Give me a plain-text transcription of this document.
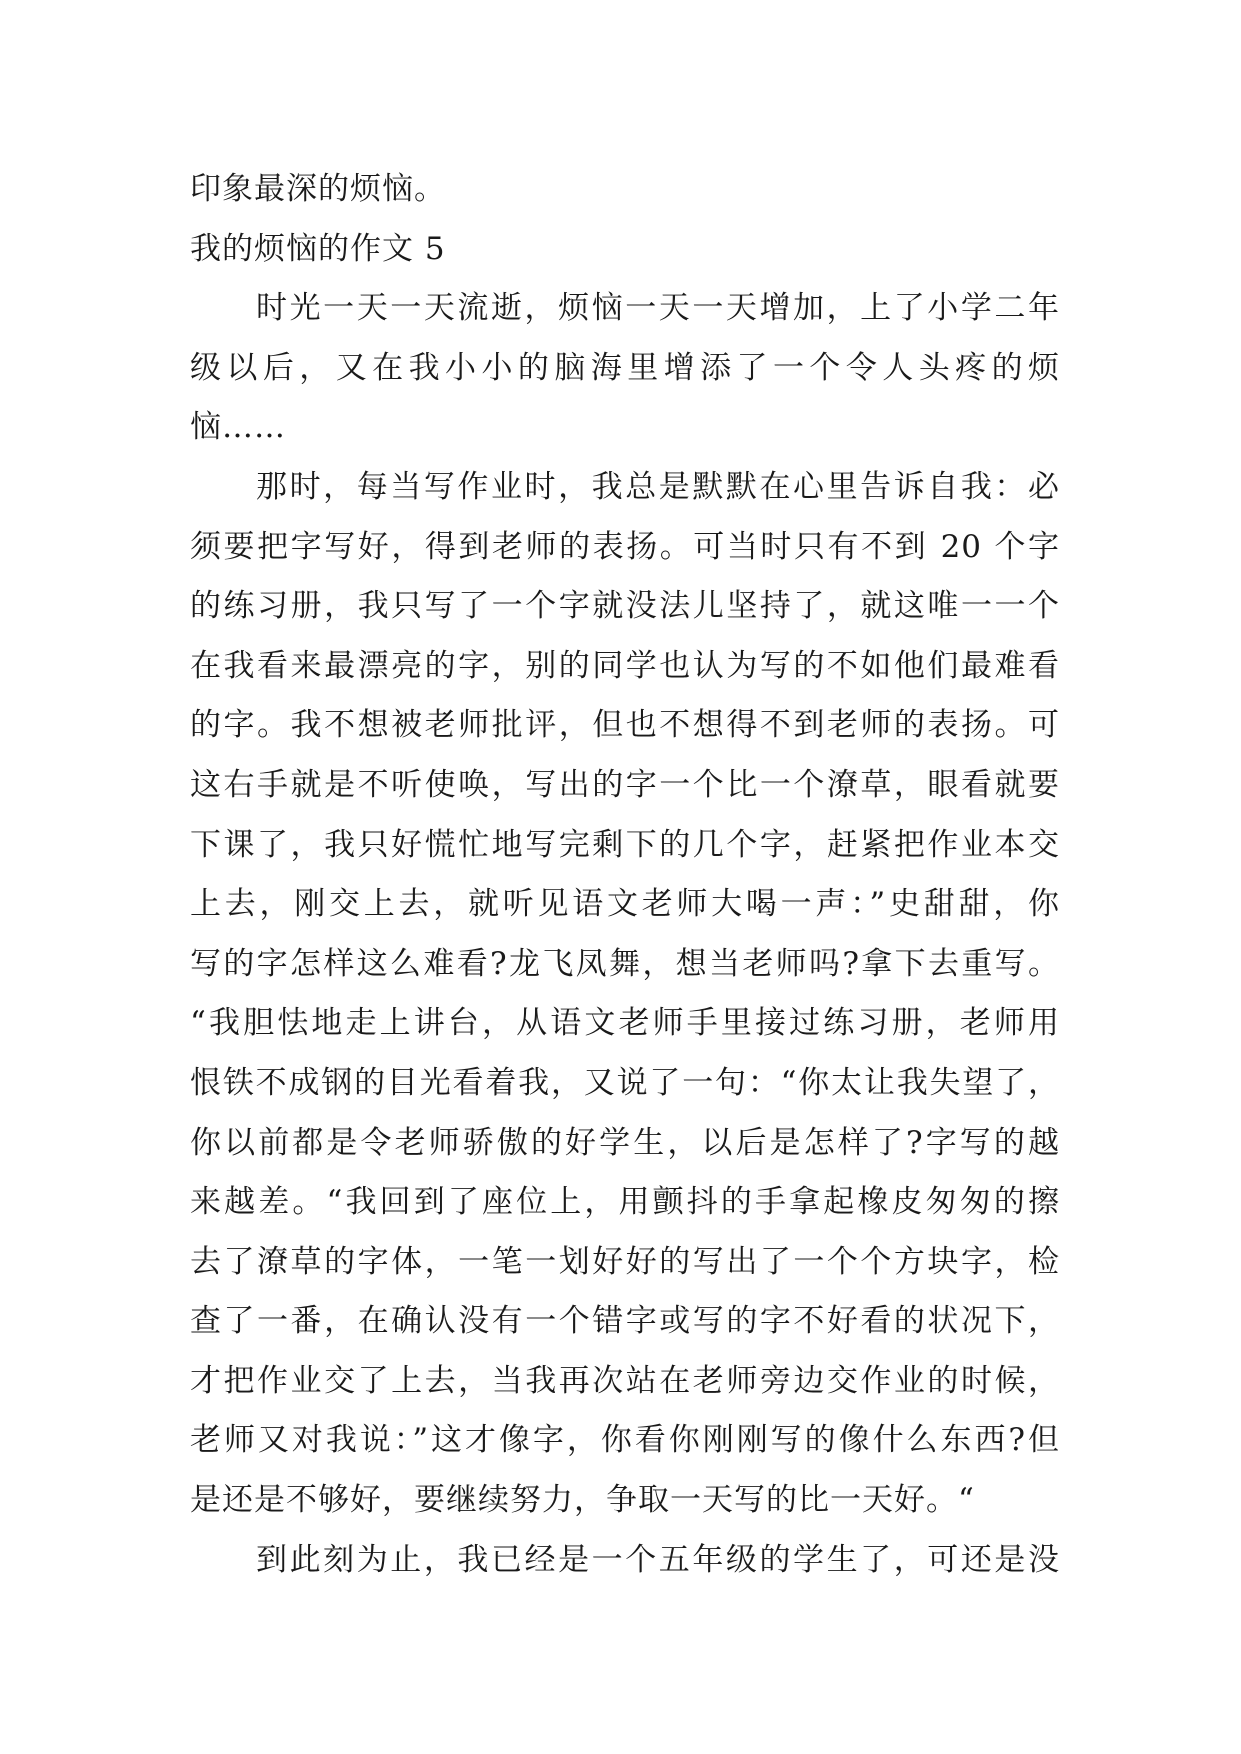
印象最深的烦恼。
我的烦恼的作文 5
时光一天一天流逝，烦恼一天一天增加，上了小学二年
级以后，又在我小小的脑海里增添了一个令人头疼的烦
恼……
那时，每当写作业时，我总是默默在心里告诉自我：必
须要把字写好，得到老师的表扬。可当时只有不到 20 个字
的练习册，我只写了一个字就没法儿坚持了，就这唯一一个
在我看来最漂亮的字，别的同学也认为写的不如他们最难看
的字。我不想被老师批评，但也不想得不到老师的表扬。可
这右手就是不听使唤，写出的字一个比一个潦草，眼看就要
下课了，我只好慌忙地写完剩下的几个字，赶紧把作业本交
上去，刚交上去，就听见语文老师大喝一声：”史甜甜，你
写的字怎样这么难看?龙飞凤舞，想当老师吗?拿下去重写。
“我胆怯地走上讲台，从语文老师手里接过练习册，老师用
恨铁不成钢的目光看着我，又说了一句：“你太让我失望了，
你以前都是令老师骄傲的好学生，以后是怎样了?字写的越
来越差。“我回到了座位上，用颤抖的手拿起橡皮匆匆的擦
去了潦草的字体，一笔一划好好的写出了一个个方块字，检
查了一番，在确认没有一个错字或写的字不好看的状况下，
才把作业交了上去，当我再次站在老师旁边交作业的时候，
老师又对我说：”这才像字，你看你刚刚写的像什么东西?但
是还是不够好，要继续努力，争取一天写的比一天好。“
到此刻为止，我已经是一个五年级的学生了，可还是没
